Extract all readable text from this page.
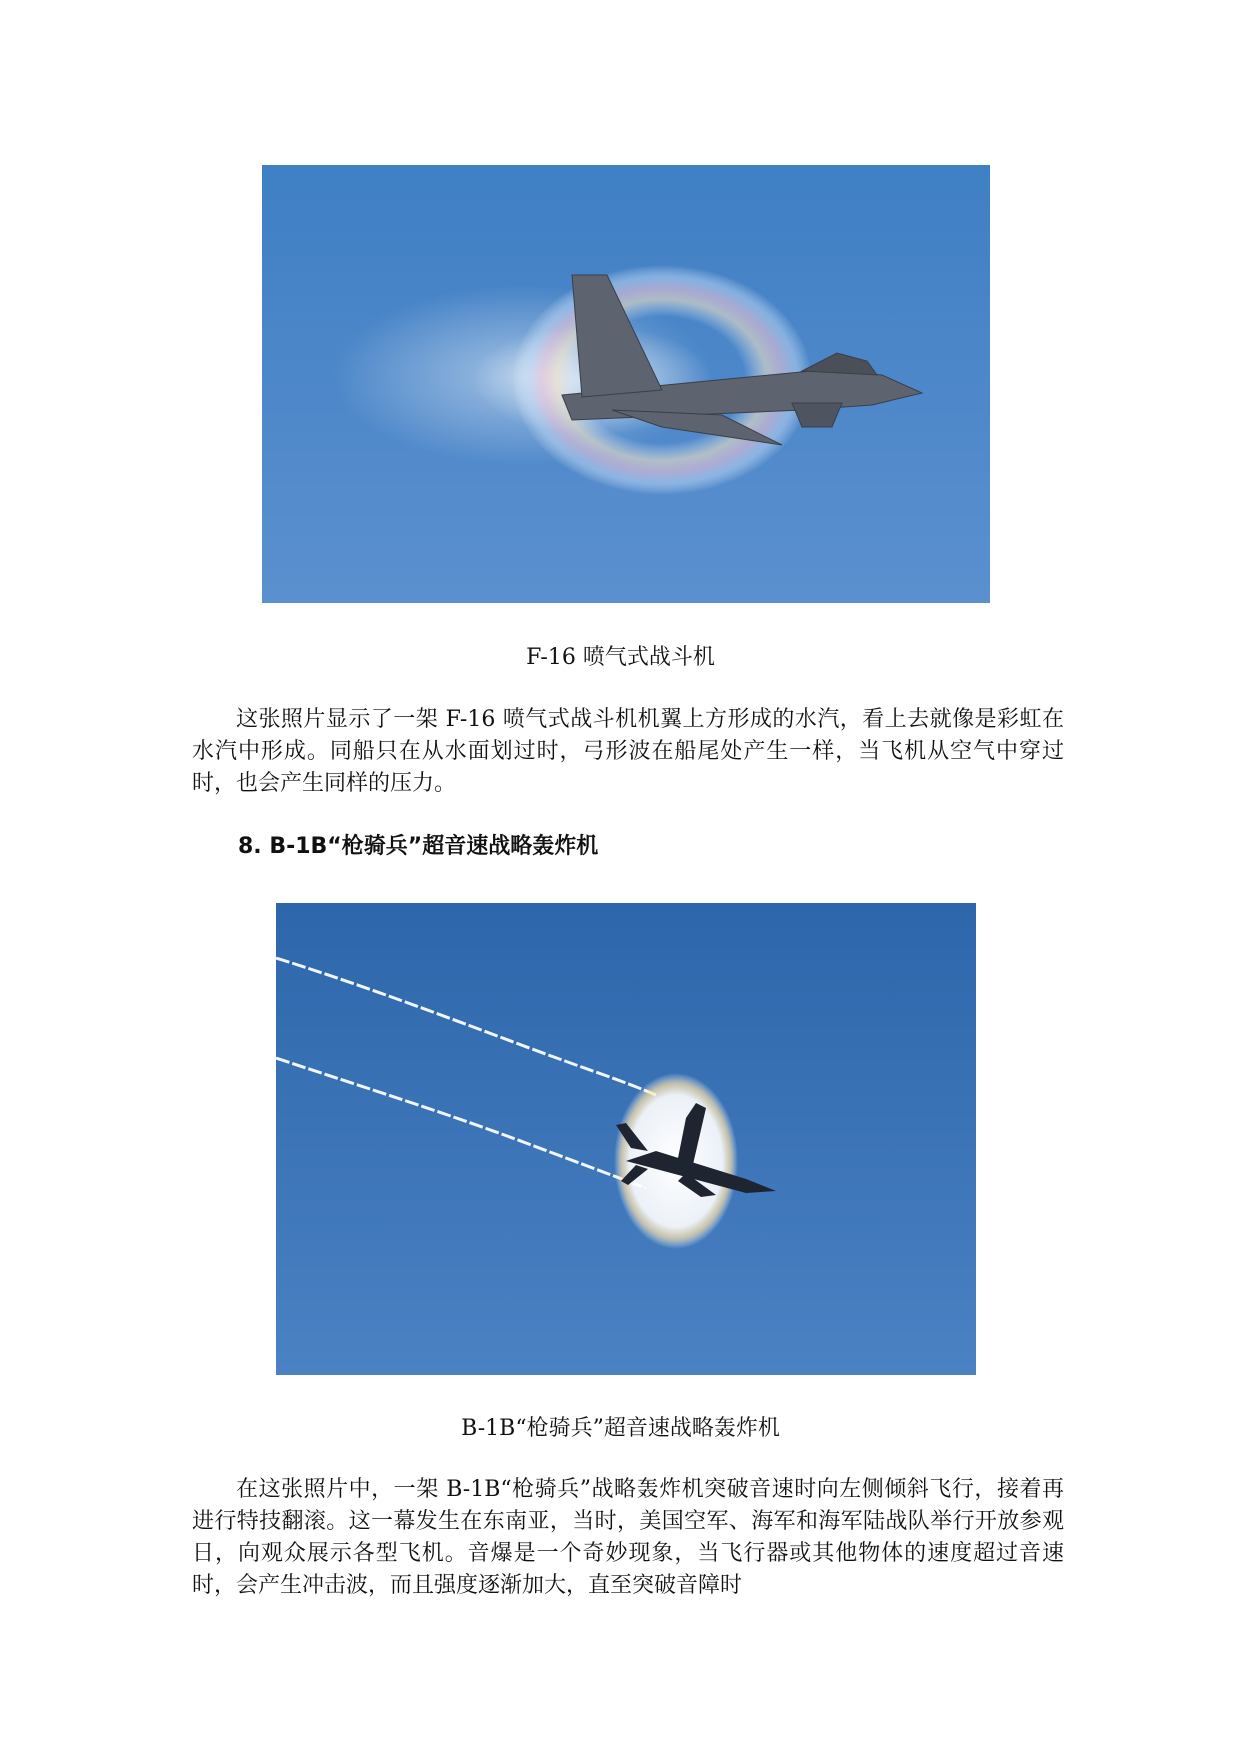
F-16 喷气式战斗机

这张照片显示了一架 F-16 喷气式战斗机机翼上方形成的水汽，看上去就像是彩虹在水汽中形成。同船只在从水面划过时，弓形波在船尾处产生一样，当飞机从空气中穿过时，也会产生同样的压力。

8. B-1B“枪骑兵”超音速战略轰炸机
B-1B“枪骑兵”超音速战略轰炸机

在这张照片中，一架 B-1B“枪骑兵”战略轰炸机突破音速时向左侧倾斜飞行，接着再进行特技翻滚。这一幕发生在东南亚，当时，美国空军、海军和海军陆战队举行开放参观日，向观众展示各型飞机。音爆是一个奇妙现象，当飞行器或其他物体的速度超过音速时，会产生冲击波，而且强度逐渐加大，直至突破音障时
